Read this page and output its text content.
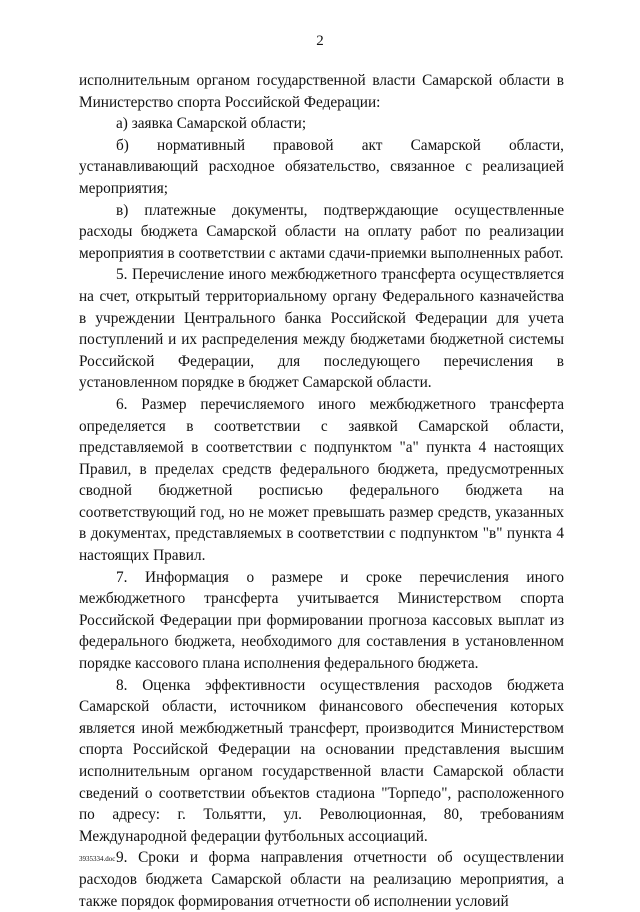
2

исполнительным органом государственной власти Самарской области в Министерство спорта Российской Федерации:

а) заявка Самарской области;

б) нормативный правовой акт Самарской области, устанавливающий расходное обязательство, связанное с реализацией мероприятия;

в) платежные документы, подтверждающие осуществленные расходы бюджета Самарской области на оплату работ по реализации мероприятия в соответствии с актами сдачи-приемки выполненных работ.

5. Перечисление иного межбюджетного трансферта осуществляется на счет, открытый территориальному органу Федерального казначейства в учреждении Центрального банка Российской Федерации для учета поступлений и их распределения между бюджетами бюджетной системы Российской Федерации, для последующего перечисления в установленном порядке в бюджет Самарской области.

6. Размер перечисляемого иного межбюджетного трансферта определяется в соответствии с заявкой Самарской области, представляемой в соответствии с подпунктом "а" пункта 4 настоящих Правил, в пределах средств федерального бюджета, предусмотренных сводной бюджетной росписью федерального бюджета на соответствующий год, но не может превышать размер средств, указанных в документах, представляемых в соответствии с подпунктом "в" пункта 4 настоящих Правил.

7. Информация о размере и сроке перечисления иного межбюджетного трансферта учитывается Министерством спорта Российской Федерации при формировании прогноза кассовых выплат из федерального бюджета, необходимого для составления в установленном порядке кассового плана исполнения федерального бюджета.

8. Оценка эффективности осуществления расходов бюджета Самарской области, источником финансового обеспечения которых является иной межбюджетный трансферт, производится Министерством спорта Российской Федерации на основании представления высшим исполнительным органом государственной власти Самарской области сведений о соответствии объектов стадиона "Торпедо", расположенного по адресу: г. Тольятти, ул. Революционная, 80, требованиям Международной федерации футбольных ассоциаций.

9. Сроки и форма направления отчетности об осуществлении расходов бюджета Самарской области на реализацию мероприятия, а также порядок формирования отчетности об исполнении условий

3935334.doc
